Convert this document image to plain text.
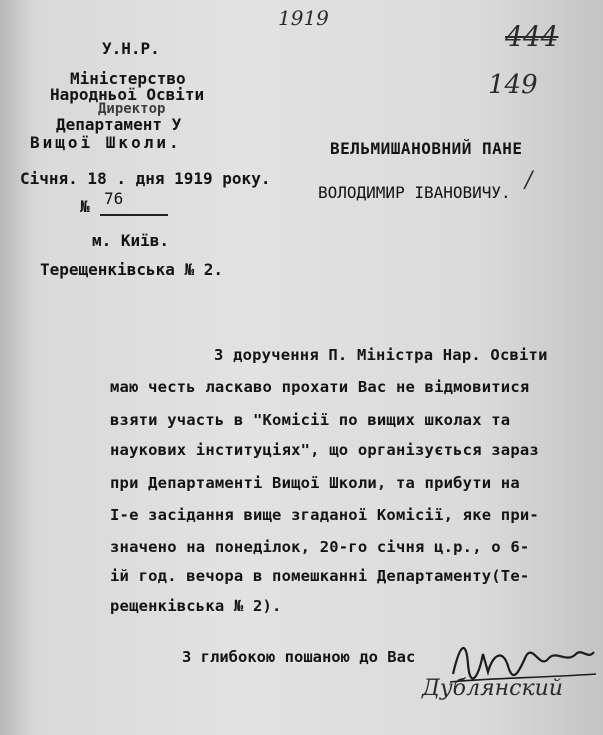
1919
444
149
У.Н.Р.
Міністерство
Директор
Народньої Освіти
Департамент У
Вищої Школи.
Січня. 18 . дня 1919 року.
№ 76
м. Київ.
Терещенківська № 2.
ВЕЛЬМИШАНОВНИЙ ПАНЕ
ВОЛОДИМИР ІВАНОВИЧУ. /
З доручення П. Міністра Нар. Освіти
маю честь ласкаво прохати Вас не відмовитися
взяти участь в "Комісії по вищих школах та
наукових інституціях", що організується зараз
при Департаменті Вищої Школи, та прибути на
І-е засідання вище згаданої Комісії, яке при-
значено на понеділок, 20-го січня ц.р., о 6-
ій год. вечора в помешканні Департаменту(Те-
рещенківська № 2).
З глибокою пошаною до Вас
Дублянский
